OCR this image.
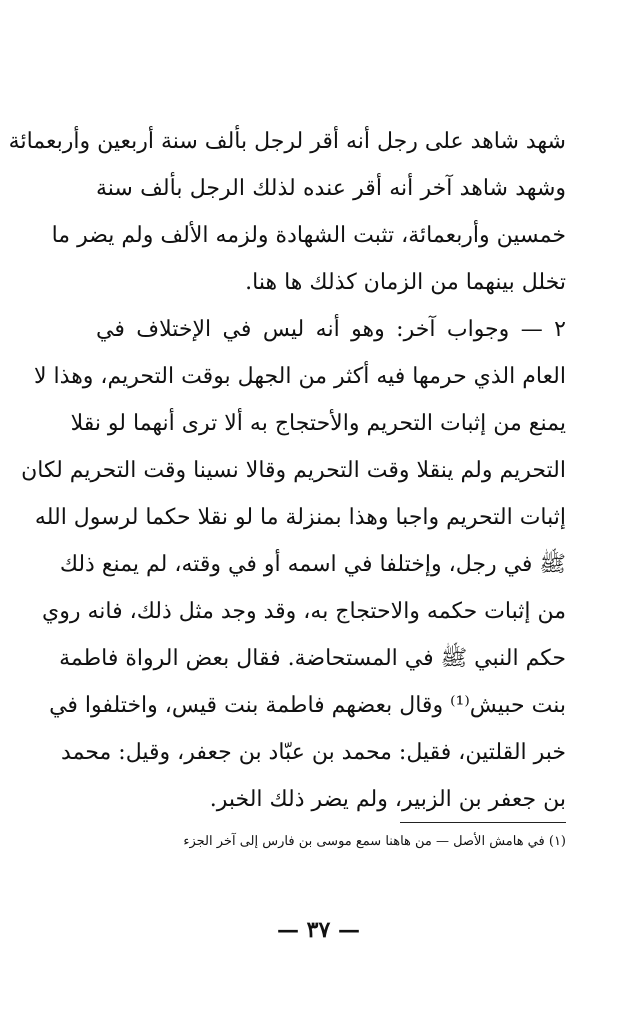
شهد شاهد على رجل أنه أقر لرجل بألف سنة أربعين وأربعمائة
وشهد شاهد آخر أنه أقر عنده لذلك الرجل بألف سنة
خمسين وأربعمائة، تثبت الشهادة ولزمه الألف ولم يضر ما
تخلل بينهما من الزمان كذلك ها هنا.
٢ — وجواب آخر: وهو أنه ليس في الإختلاف في
العام الذي حرمها فيه أكثر من الجهل بوقت التحريم، وهذا لا
يمنع من إثبات التحريم والأحتجاج به ألا ترى أنهما لو نقلا
التحريم ولم ينقلا وقت التحريم وقالا نسينا وقت التحريم لكان
إثبات التحريم واجبا وهذا بمنزلة ما لو نقلا حكما لرسول الله
ﷺ في رجل، وإختلفا في اسمه أو في وقته، لم يمنع ذلك
من إثبات حكمه والاحتجاج به، وقد وجد مثل ذلك، فانه روي
حكم النبي ﷺ في المستحاضة. فقال بعض الرواة فاطمة
بنت حبيش⁽¹⁾ وقال بعضهم فاطمة بنت قيس، واختلفوا في
خبر القلتين، فقيل: محمد بن عبّاد بن جعفر، وقيل: محمد
بن جعفر بن الزبير، ولم يضر ذلك الخبر.
(١) في هامش الأصل — من هاهنا سمع موسى بن فارس إلى آخر الجزء
— ٣٧ —
